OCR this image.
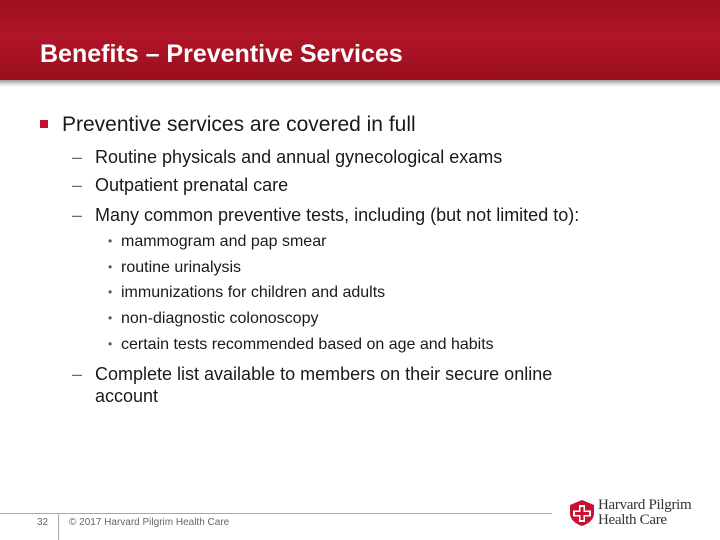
Benefits – Preventive Services
Preventive services are covered in full
– Routine physicals and annual gynecological exams
– Outpatient prenatal care
– Many common preventive tests, including (but not limited to):
• mammogram and pap smear
• routine urinalysis
• immunizations for children and adults
• non-diagnostic colonoscopy
• certain tests recommended based on age and habits
– Complete list available to members on their secure online account
32 © 2017 Harvard Pilgrim Health Care
Harvard Pilgrim
Health Care
